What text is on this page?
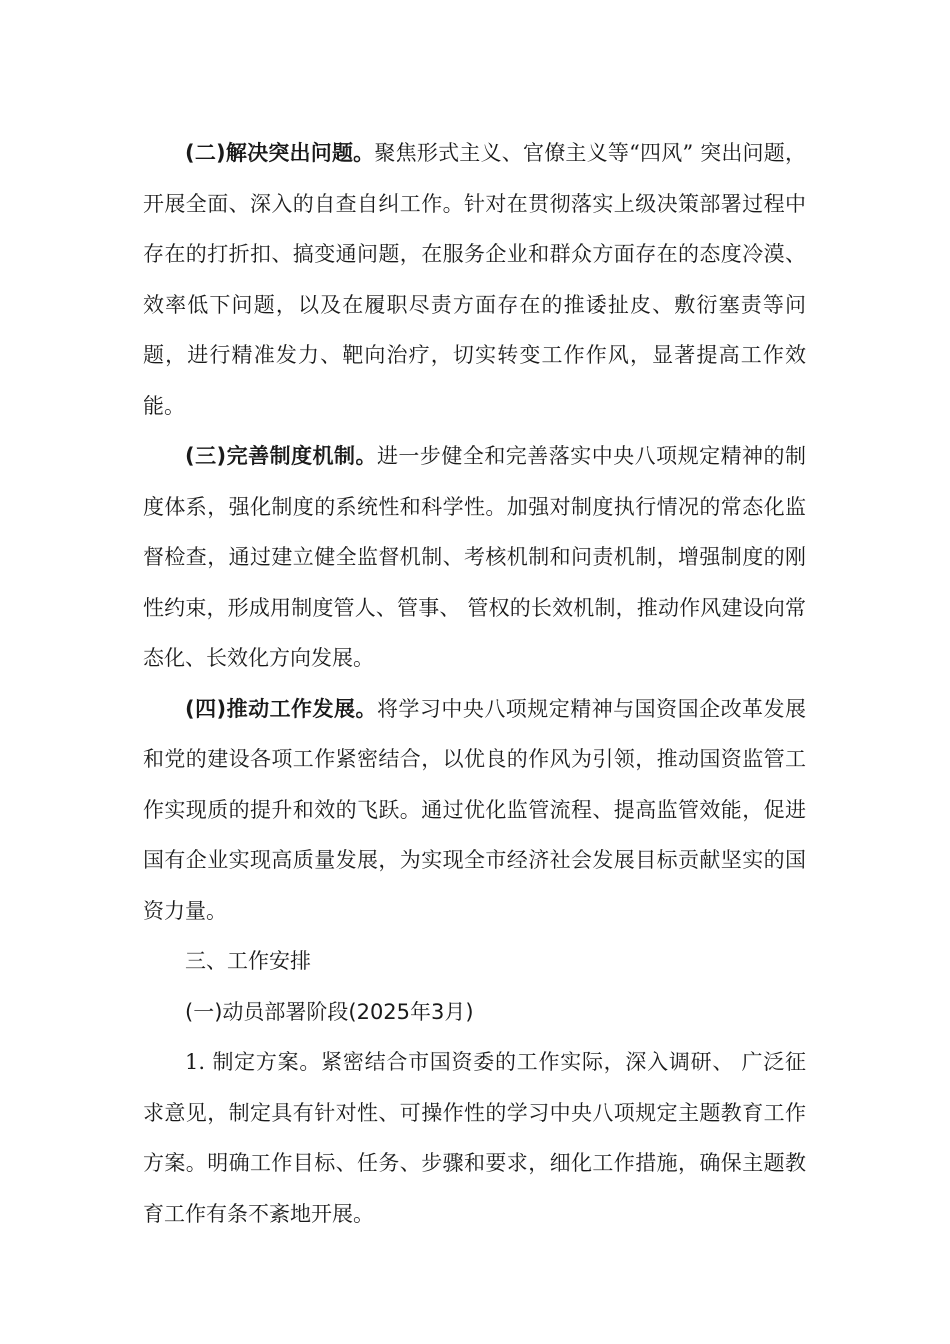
(二)解决突出问题。聚焦形式主义、官僚主义等“四风” 突出问题，开展全面、深入的自查自纠工作。针对在贯彻落实上级决策部署过程中存在的打折扣、搞变通问题，在服务企业和群众方面存在的态度冷漠、效率低下问题，以及在履职尽责方面存在的推诿扯皮、敷衍塞责等问题，进行精准发力、靶向治疗，切实转变工作作风，显著提高工作效能。

(三)完善制度机制。进一步健全和完善落实中央八项规定精神的制度体系，强化制度的系统性和科学性。加强对制度执行情况的常态化监督检查，通过建立健全监督机制、考核机制和问责机制，增强制度的刚性约束，形成用制度管人、管事、 管权的长效机制，推动作风建设向常态化、长效化方向发展。

(四)推动工作发展。将学习中央八项规定精神与国资国企改革发展和党的建设各项工作紧密结合，以优良的作风为引领，推动国资监管工作实现质的提升和效的飞跃。通过优化监管流程、提高监管效能，促进国有企业实现高质量发展，为实现全市经济社会发展目标贡献坚实的国资力量。

三、工作安排

(一)动员部署阶段(2025年3月)

1. 制定方案。紧密结合市国资委的工作实际，深入调研、 广泛征求意见，制定具有针对性、可操作性的学习中央八项规定主题教育工作方案。明确工作目标、任务、步骤和要求，细化工作措施，确保主题教育工作有条不紊地开展。
